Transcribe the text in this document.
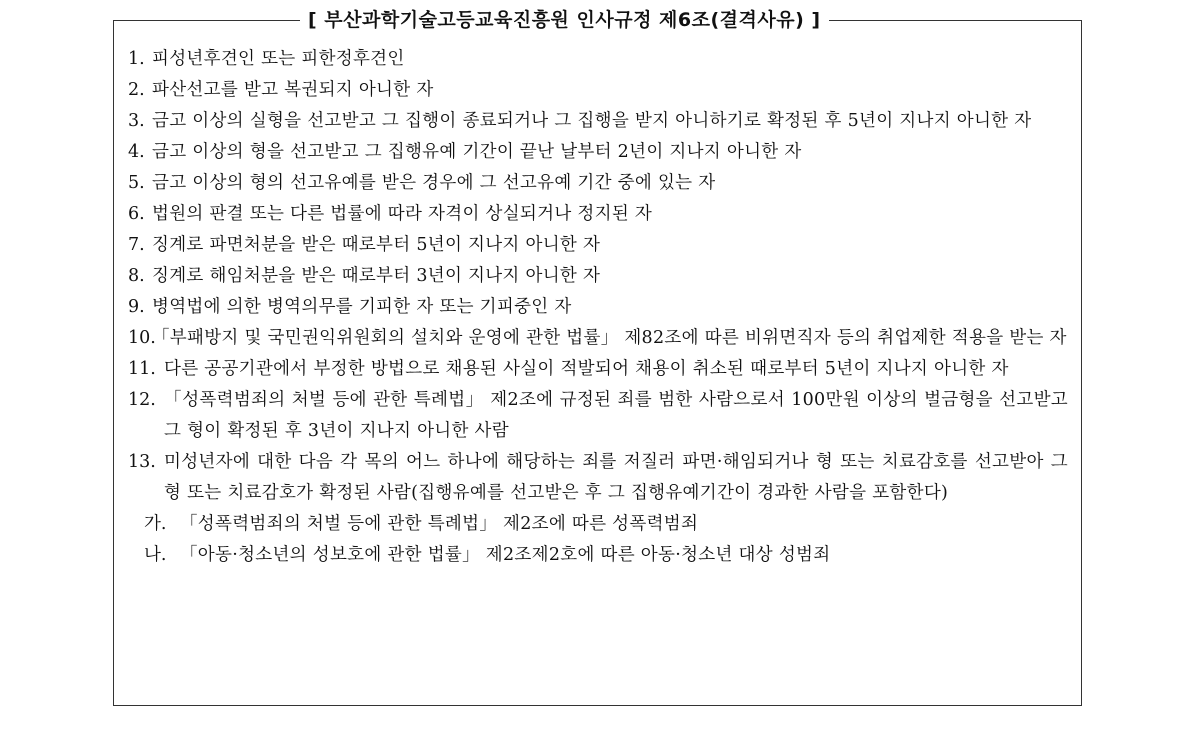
[ 부산과학기술고등교육진흥원 인사규정 제6조(결격사유) ]
1. 피성년후견인 또는 피한정후견인
2. 파산선고를 받고 복권되지 아니한 자
3. 금고 이상의 실형을 선고받고 그 집행이 종료되거나 그 집행을 받지 아니하기로 확정된 후 5년이 지나지 아니한 자
4. 금고 이상의 형을 선고받고 그 집행유예 기간이 끝난 날부터 2년이 지나지 아니한 자
5. 금고 이상의 형의 선고유예를 받은 경우에 그 선고유예 기간 중에 있는 자
6. 법원의 판결 또는 다른 법률에 따라 자격이 상실되거나 정지된 자
7. 징계로 파면처분을 받은 때로부터 5년이 지나지 아니한 자
8. 징계로 해임처분을 받은 때로부터 3년이 지나지 아니한 자
9. 병역법에 의한 병역의무를 기피한 자 또는 기피중인 자
10.
「부패방지 및 국민권익위원회의 설치와 운영에 관한 법률」 제82조에 따른 비위면직자 등의 취업제한 적용을 받는 자
11. 다른 공공기관에서 부정한 방법으로 채용된 사실이 적발되어 채용이 취소된 때로부터 5년이 지나지 아니한 자
12. 「성폭력범죄의 처벌 등에 관한 특례법」 제2조에 규정된 죄를 범한 사람으로서 100만원 이상의 벌금형을 선고받고 그 형이 확정된 후 3년이 지나지 아니한 사람
13. 미성년자에 대한 다음 각 목의 어느 하나에 해당하는 죄를 저질러 파면·해임되거나 형 또는 치료감호를 선고받아 그 형 또는 치료감호가 확정된 사람(집행유예를 선고받은 후 그 집행유예기간이 경과한 사람을 포함한다)
가. 「성폭력범죄의 처벌 등에 관한 특례법」 제2조에 따른 성폭력범죄
나. 「아동·청소년의 성보호에 관한 법률」 제2조제2호에 따른 아동·청소년 대상 성범죄
